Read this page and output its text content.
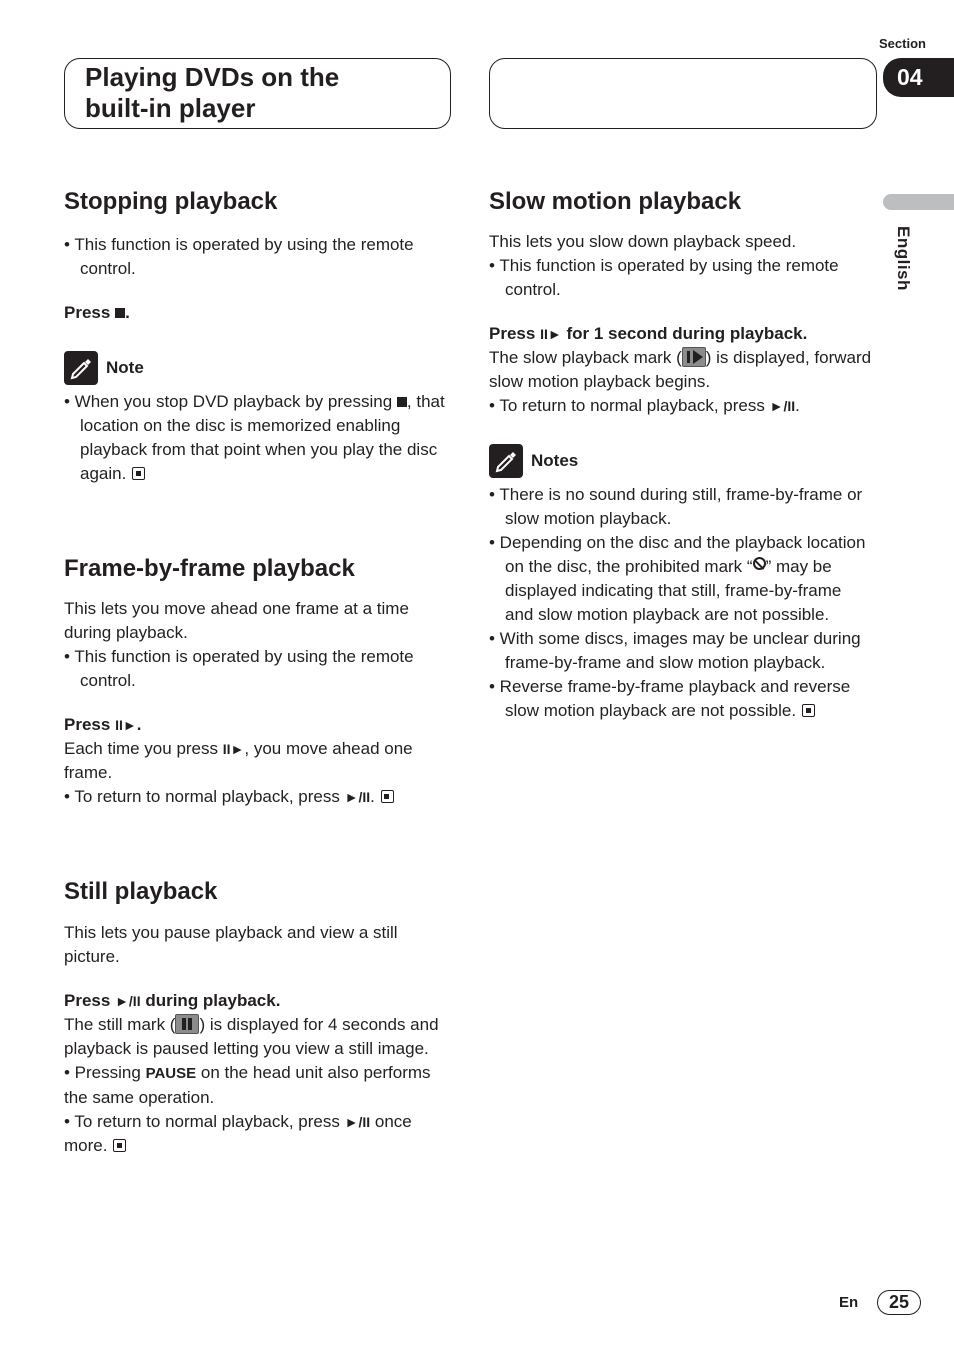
Section
04
Playing DVDs on the
built-in player
English
Stopping playback

• This function is operated by using the remote control.

Press .

Note

• When you stop DVD playback by pressing , that location on the disc is memorized enabling playback from that point when you play the disc again.

Frame-by-frame playback

This lets you move ahead one frame at a time during playback.

• This function is operated by using the remote control.

Press II►.

Each time you press II►, you move ahead one frame.

• To return to normal playback, press ►/II.

Still playback

This lets you pause playback and view a still picture.

Press ►/II during playback.

The still mark ( ) is displayed for 4 seconds and playback is paused letting you view a still image.

• Pressing PAUSE on the head unit also performs the same operation.

• To return to normal playback, press ►/II once more.

Slow motion playback

This lets you slow down playback speed.

• This function is operated by using the remote control.

Press II► for 1 second during playback.

The slow playback mark ( ) is displayed, forward slow motion playback begins.

• To return to normal playback, press ►/II.

Notes

• There is no sound during still, frame-by-frame or slow motion playback.

• Depending on the disc and the playback location on the disc, the prohibited mark “ ” may be displayed indicating that still, frame-by-frame and slow motion playback are not possible.

• With some discs, images may be unclear during frame-by-frame and slow motion playback.

• Reverse frame-by-frame playback and reverse slow motion playback are not possible.

En	25
